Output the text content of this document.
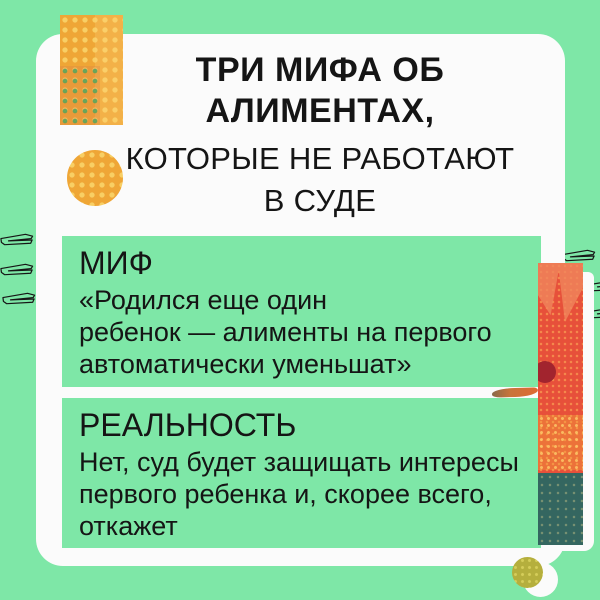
ТРИ МИФА ОБ
АЛИМЕНТАХ,
КОТОРЫЕ НЕ РАБОТАЮТ
В СУДЕ
МИФ
«Родился еще один
ребенок — алименты на первого
автоматически уменьшат»
РЕАЛЬНОСТЬ
Нет, суд будет защищать интересы
первого ребенка и, скорее всего,
откажет
